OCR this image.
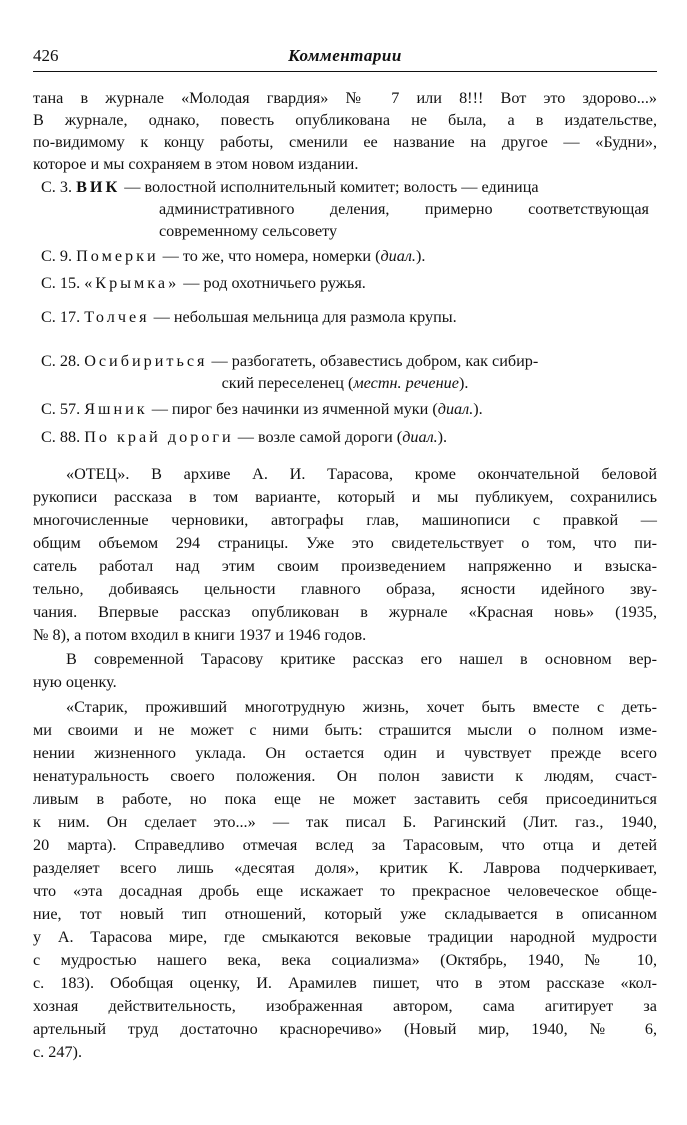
426	Комментарии
тана в журнале «Молодая гвардия» № 7 или 8!!! Вот это здорово...»
В журнале, однако, повесть опубликована не была, а в издательстве,
по-видимому к концу работы, сменили ее название на другое — «Будни»,
которое и мы сохраняем в этом новом издании.
С. 3. ВИК — волостной исполнительный комитет; волость — единица
административного деления, примерно соответствующая
современному сельсовету
С. 9. Померки — то же, что номера, номерки (диал.).
С. 15. «Крымка» — род охотничьего ружья.
С. 17. Толчея — небольшая мельница для размола крупы.
С. 28. Осибириться — разбогатеть, обзавестись добром, как сибир-
ский переселенец (местн. речение).
С. 57. Яшник — пирог без начинки из ячменной муки (диал.).
С. 88. По край дороги — возле самой дороги (диал.).
«ОТЕЦ». В архиве А. И. Тарасова, кроме окончательной беловой
рукописи рассказа в том варианте, который и мы публикуем, сохранились
многочисленные черновики, автографы глав, машинописи с правкой —
общим объемом 294 страницы. Уже это свидетельствует о том, что пи-
сатель работал над этим своим произведением напряженно и взыска-
тельно, добиваясь цельности главного образа, ясности идейного зву-
чания. Впервые рассказ опубликован в журнале «Красная новь» (1935,
№ 8), а потом входил в книги 1937 и 1946 годов.
В современной Тарасову критике рассказ его нашел в основном вер-
ную оценку.
«Старик, проживший многотрудную жизнь, хочет быть вместе с деть-
ми своими и не может с ними быть: страшится мысли о полном изме-
нении жизненного уклада. Он остается один и чувствует прежде всего
ненатуральность своего положения. Он полон зависти к людям, счаст-
ливым в работе, но пока еще не может заставить себя присоединиться
к ним. Он сделает это...» — так писал Б. Рагинский (Лит. газ., 1940,
20 марта). Справедливо отмечая вслед за Тарасовым, что отца и детей
разделяет всего лишь «десятая доля», критик К. Лаврова подчеркивает,
что «эта досадная дробь еще искажает то прекрасное человеческое обще-
ние, тот новый тип отношений, который уже складывается в описанном
у А. Тарасова мире, где смыкаются вековые традиции народной мудрости
с мудростью нашего века, века социализма» (Октябрь, 1940, № 10,
с. 183). Обобщая оценку, И. Арамилев пишет, что в этом рассказе «кол-
хозная действительность, изображенная автором, сама агитирует за
артельный труд достаточно красноречиво» (Новый мир, 1940, № 6,
с. 247).
